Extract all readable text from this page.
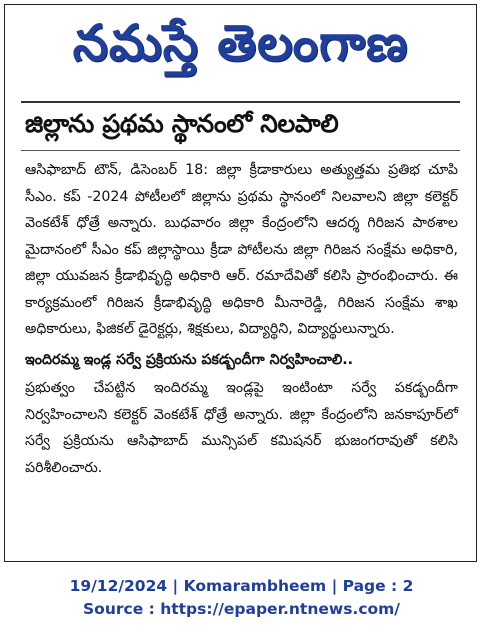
నమస్తే తెలంగాణ
జిల్లాను ప్రథమ స్థానంలో నిలపాలి

ఆసిఫాబాద్ టౌన్, డిసెంబర్ 18: జిల్లా క్రీడాకారులు అత్యుత్తమ ప్రతిభ చూపి సీఎం. కప్ -2024 పోటీలలో జిల్లాను ప్రథమ స్థానంలో నిలవాలని జిల్లా కలెక్టర్ వెంకటేశ్ ధోత్రే అన్నారు. బుధవారం జిల్లా కేంద్రంలోని ఆదర్శ గిరిజన పాఠశాల మైదానంలో సీఎం కప్ జిల్లాస్థాయి క్రీడా పోటీలను జిల్లా గిరిజన సంక్షేమ అధికారి, జిల్లా యువజన క్రీడాభివృద్ధి అధికారి ఆర్. రమాదేవితో కలిసి ప్రారంభించారు. ఈ కార్యక్రమంలో గిరిజన క్రీడాభివృద్ధి అధికారి మీనారెడ్డి, గిరిజన సంక్షేమ శాఖ అధికారులు, ఫిజికల్ డైరెక్టర్లు, శిక్షకులు, విద్యార్థిని, విద్యార్థులున్నారు.

ఇందిరమ్మ ఇండ్ల సర్వే ప్రక్రియను పకడ్బందీగా నిర్వహించాలి..

ప్రభుత్వం చేపట్టిన ఇందిరమ్మ ఇండ్లపై ఇంటింటా సర్వే పకడ్బందీగా నిర్వహించాలని కలెక్టర్ వెంకటేశ్ ధోత్రే అన్నారు. జిల్లా కేంద్రంలోని జనకాపూర్‌లో సర్వే ప్రక్రియను ఆసిఫాబాద్ మున్సిపల్ కమిషనర్ భుజంగరావుతో కలిసి పరిశీలించారు.

19/12/2024 | Komarambheem | Page : 2
Source : https://epaper.ntnews.com/
